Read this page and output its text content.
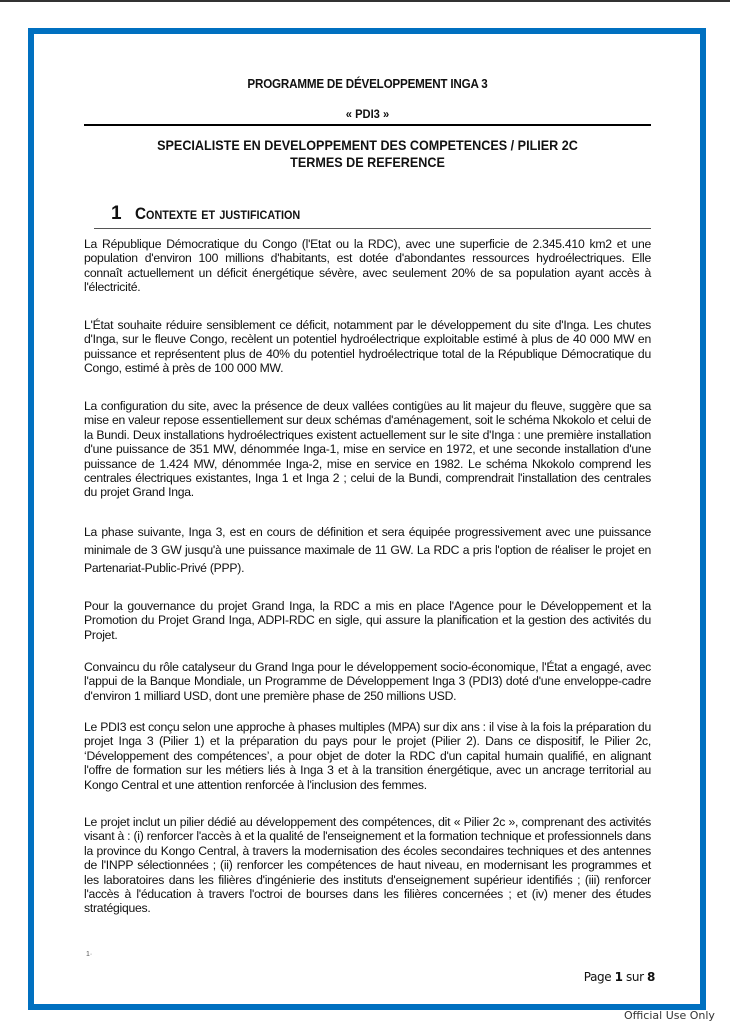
PROGRAMME DE DÉVELOPPEMENT INGA 3
« PDI3 »
SPECIALISTE EN DEVELOPPEMENT DES COMPETENCES / PILIER 2C
TERMES DE REFERENCE
1 Contexte et justification

La République Démocratique du Congo (l'Etat ou la RDC), avec une superficie de 2.345.410 km2 et une population d'environ 100 millions d'habitants, est dotée d'abondantes ressources hydroélectriques. Elle connaît actuellement un déficit énergétique sévère, avec seulement 20% de sa population ayant accès à l'électricité.

L'État souhaite réduire sensiblement ce déficit, notamment par le développement du site d'Inga. Les chutes d'Inga, sur le fleuve Congo, recèlent un potentiel hydroélectrique exploitable estimé à plus de 40 000 MW en puissance et représentent plus de 40% du potentiel hydroélectrique total de la République Démocratique du Congo, estimé à près de 100 000 MW.

La configuration du site, avec la présence de deux vallées contigües au lit majeur du fleuve, suggère que sa mise en valeur repose essentiellement sur deux schémas d'aménagement, soit le schéma Nkokolo et celui de la Bundi. Deux installations hydroélectriques existent actuellement sur le site d'Inga : une première installation d'une puissance de 351 MW, dénommée Inga-1, mise en service en 1972, et une seconde installation d'une puissance de 1.424 MW, dénommée Inga-2, mise en service en 1982. Le schéma Nkokolo comprend les centrales électriques existantes, Inga 1 et Inga 2 ; celui de la Bundi, comprendrait l'installation des centrales du projet Grand Inga.

La phase suivante, Inga 3, est en cours de définition et sera équipée progressivement avec une puissance minimale de 3 GW jusqu'à une puissance maximale de 11 GW. La RDC a pris l'option de réaliser le projet en Partenariat-Public-Privé (PPP).

Pour la gouvernance du projet Grand Inga, la RDC a mis en place l'Agence pour le Développement et la Promotion du Projet Grand Inga, ADPI-RDC en sigle, qui assure la planification et la gestion des activités du Projet.

Convaincu du rôle catalyseur du Grand Inga pour le développement socio-économique, l'État a engagé, avec l'appui de la Banque Mondiale, un Programme de Développement Inga 3 (PDI3) doté d'une enveloppe-cadre d'environ 1 milliard USD, dont une première phase de 250 millions USD.

Le PDI3 est conçu selon une approche à phases multiples (MPA) sur dix ans : il vise à la fois la préparation du projet Inga 3 (Pilier 1) et la préparation du pays pour le projet (Pilier 2). Dans ce dispositif, le Pilier 2c, ‘Développement des compétences’, a pour objet de doter la RDC d'un capital humain qualifié, en alignant l'offre de formation sur les métiers liés à Inga 3 et à la transition énergétique, avec un ancrage territorial au Kongo Central et une attention renforcée à l'inclusion des femmes.

Le projet inclut un pilier dédié au développement des compétences, dit « Pilier 2c », comprenant des activités visant à : (i) renforcer l'accès à et la qualité de l'enseignement et la formation technique et professionnels dans la province du Kongo Central, à travers la modernisation des écoles secondaires techniques et des antennes de l'INPP sélectionnées ; (ii) renforcer les compétences de haut niveau, en modernisant les programmes et les laboratoires dans les filières d'ingénierie des instituts d'enseignement supérieur identifiés ; (iii) renforcer l'accès à l'éducation à travers l'octroi de bourses dans les filières concernées ; et (iv) mener des études stratégiques.

1·
Page 1 sur 8
Official Use Only
